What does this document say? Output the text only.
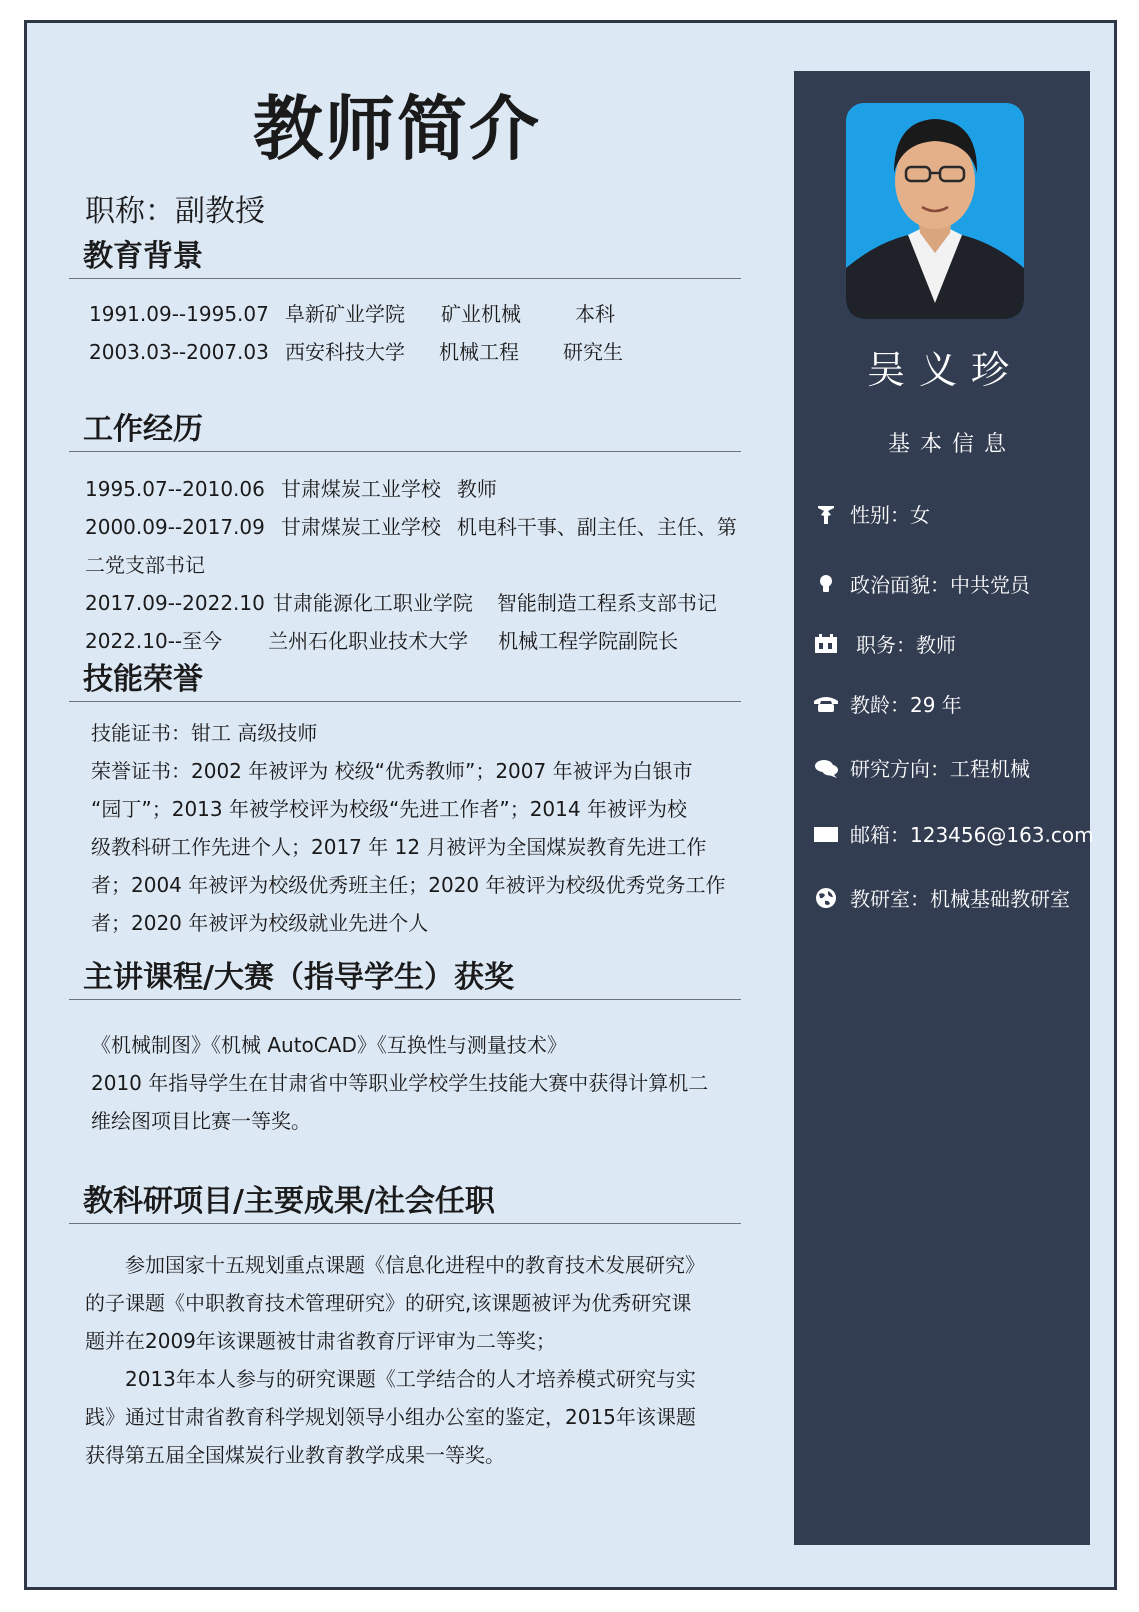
教师简介
职称：副教授
教育背景
1991.09--1995.07 阜新矿业学院 矿业机械	本科
2003.03--2007.03 西安科技大学 机械工程 研究生
工作经历
1995.07--2010.06 甘肃煤炭工业学校 教师
2000.09--2017.09 甘肃煤炭工业学校 机电科干事、副主任、主任、第
二党支部书记
2017.09--2022.10 甘肃能源化工职业学院 智能制造工程系支部书记
2022.10--至今 兰州石化职业技术大学 机械工程学院副院长
技能荣誉
技能证书：钳工 高级技师
荣誉证书：2002 年被评为 校级“优秀教师”；2007 年被评为白银市
“园丁”；2013 年被学校评为校级“先进工作者”；2014 年被评为校
级教科研工作先进个人；2017 年 12 月被评为全国煤炭教育先进工作
者；2004 年被评为校级优秀班主任；2020 年被评为校级优秀党务工作
者；2020 年被评为校级就业先进个人
主讲课程/大赛（指导学生）获奖
《机械制图》《机械 AutoCAD》《互换性与测量技术》
2010 年指导学生在甘肃省中等职业学校学生技能大赛中获得计算机二
维绘图项目比赛一等奖。
教科研项目/主要成果/社会任职

参加国家十五规划重点课题《信息化进程中的教育技术发展研究》的子课题《中职教育技术管理研究》的研究,该课题被评为优秀研究课题并在2009年该课题被甘肃省教育厅评审为二等奖；

2013年本人参与的研究课题《工学结合的人才培养模式研究与实践》通过甘肃省教育科学规划领导小组办公室的鉴定，2015年该课题获得第五届全国煤炭行业教育教学成果一等奖。

吴义珍
基本信息
性别：女
政治面貌：中共党员
职务：教师
教龄：29 年
研究方向：工程机械
邮箱：123456@163.com
教研室：机械基础教研室
